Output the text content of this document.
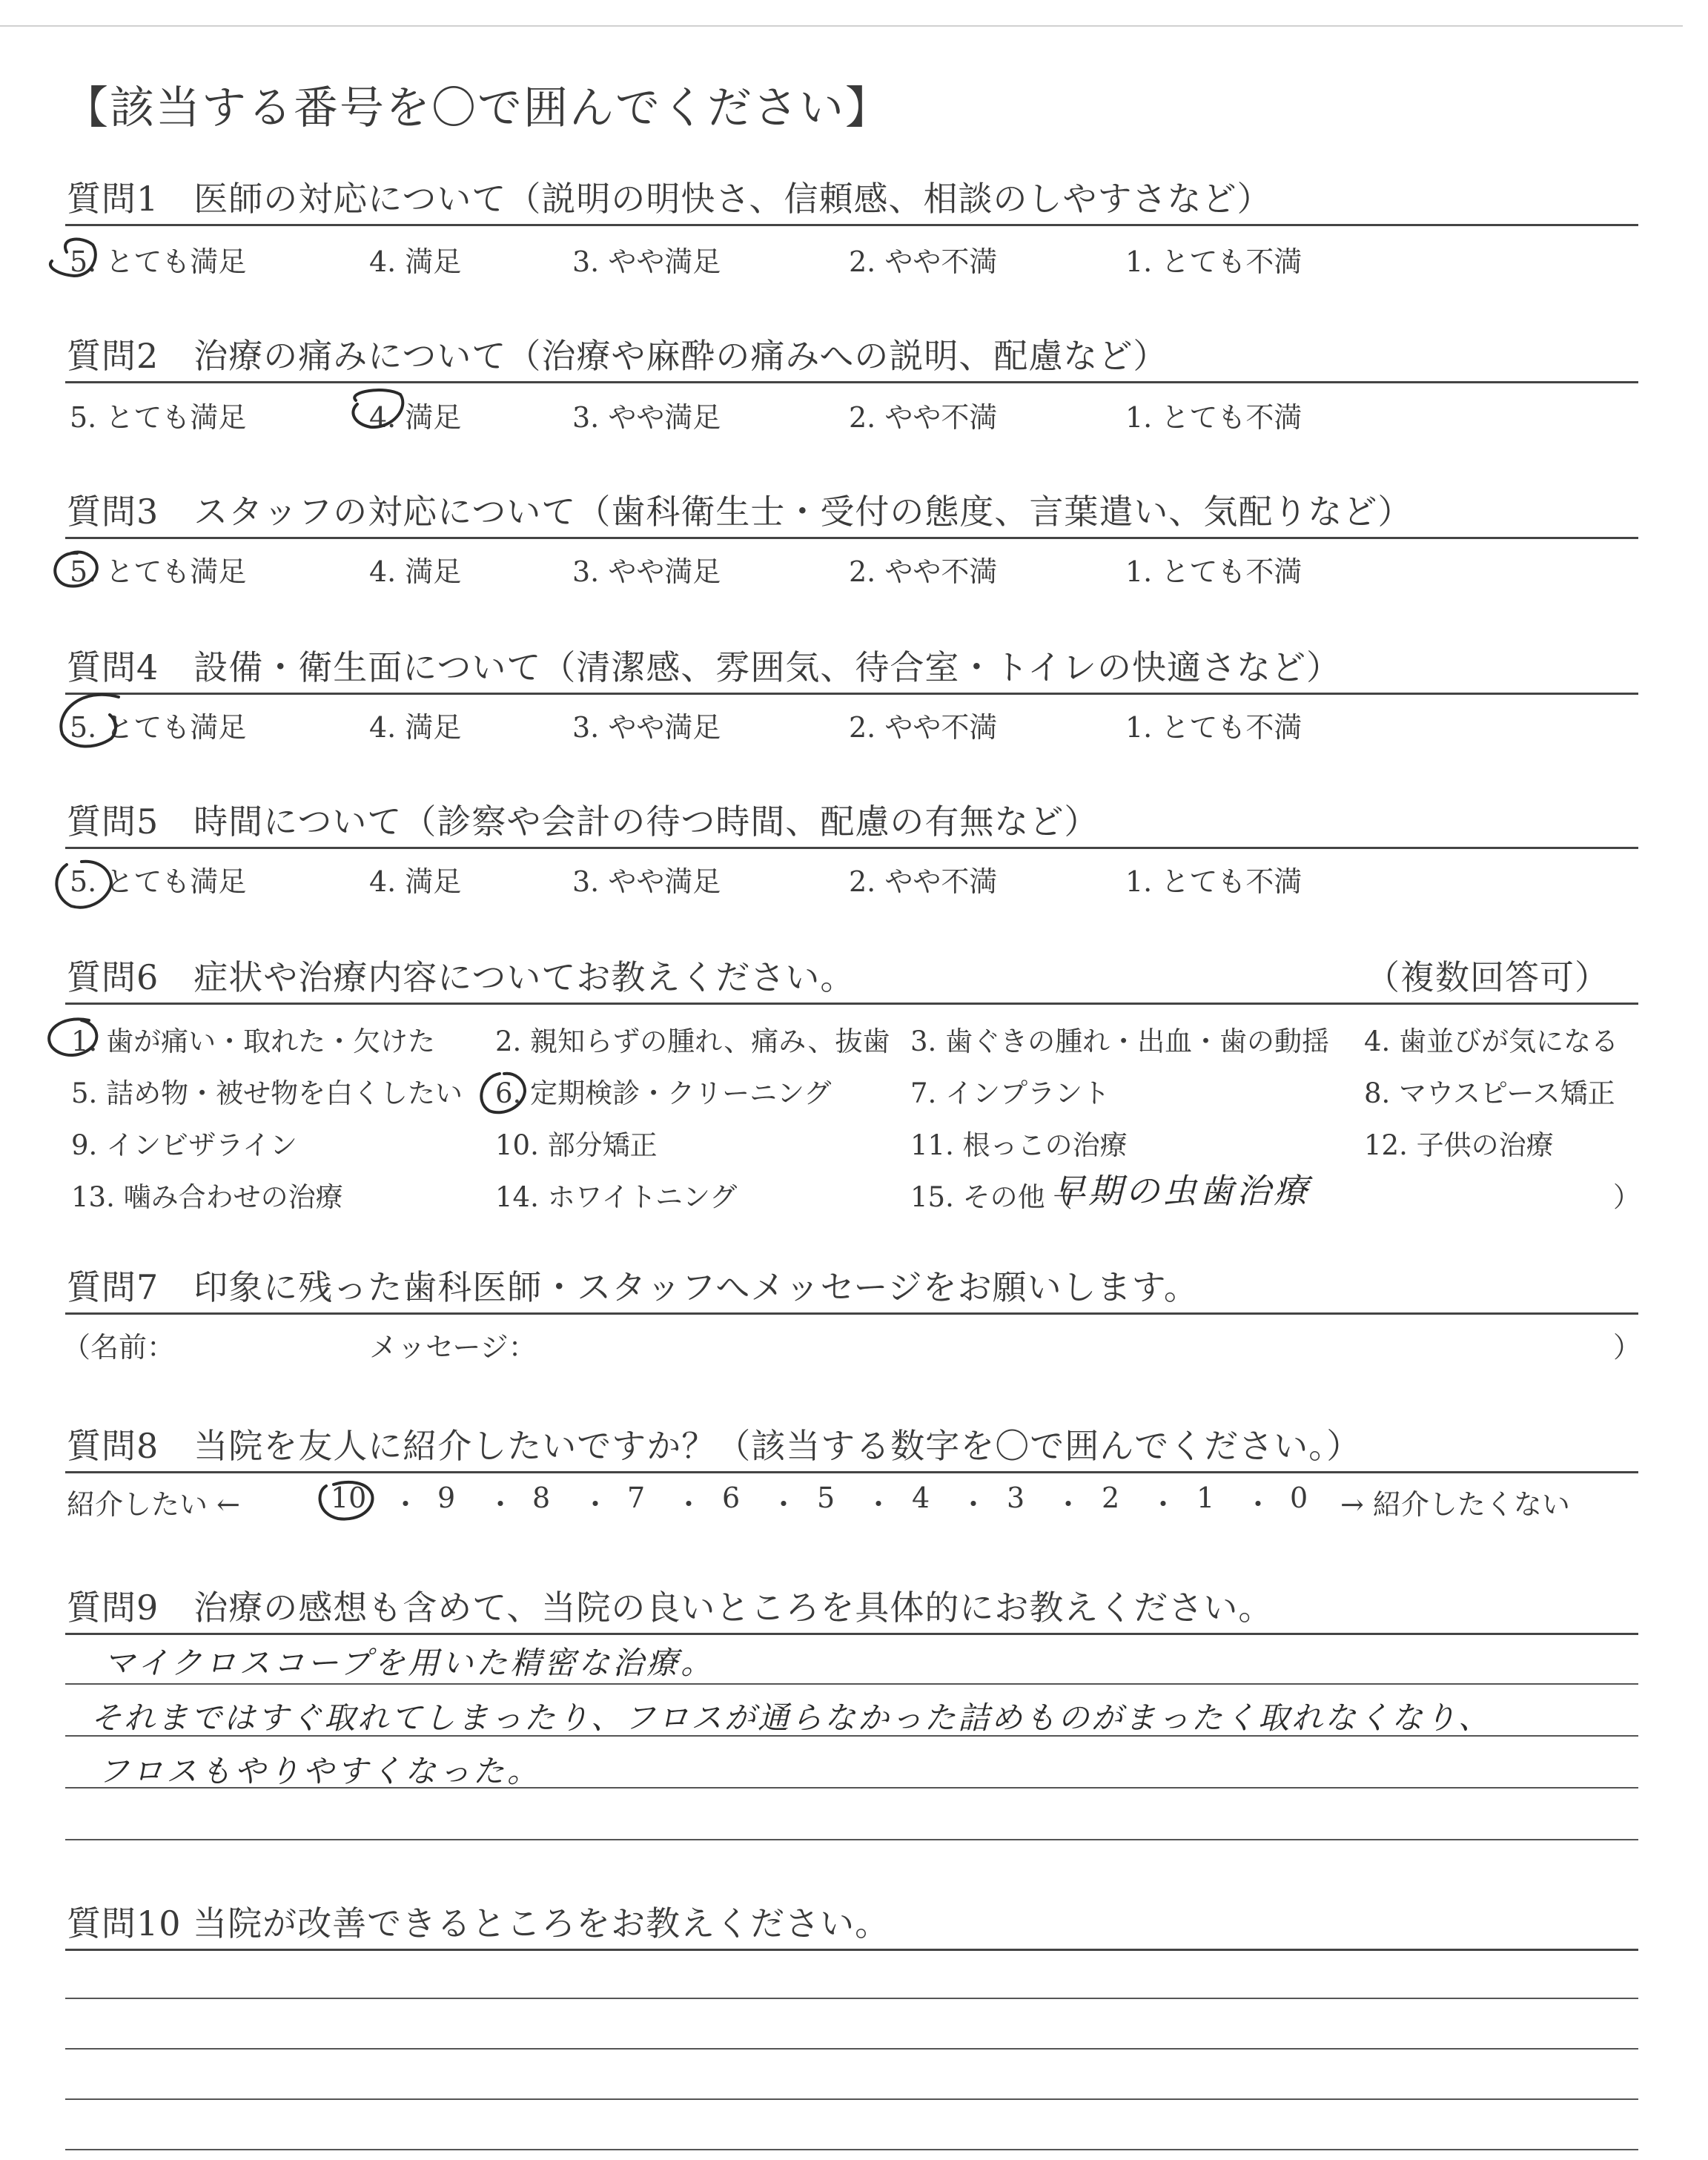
【該当する番号を〇で囲んでください】
質問1　医師の対応について（説明の明快さ、信頼感、相談のしやすさなど）
5. とても満足	4. 満足	3. やや満足	2. やや不満	1. とても不満
質問2　治療の痛みについて（治療や麻酔の痛みへの説明、配慮など）
5. とても満足	4. 満足	3. やや満足	2. やや不満	1. とても不満
質問3　スタッフの対応について（歯科衛生士・受付の態度、言葉遣い、気配りなど）
5. とても満足	4. 満足	3. やや満足	2. やや不満	1. とても不満
質問4　設備・衛生面について（清潔感、雰囲気、待合室・トイレの快適さなど）
5. とても満足	4. 満足	3. やや満足	2. やや不満	1. とても不満
質問5　時間について（診察や会計の待つ時間、配慮の有無など）
5. とても満足	4. 満足	3. やや満足	2. やや不満	1. とても不満
質問6　症状や治療内容についてお教えください。	（複数回答可）
1. 歯が痛い・取れた・欠けた 2. 親知らずの腫れ、痛み、抜歯 3. 歯ぐきの腫れ・出血・歯の動揺 4. 歯並びが気になる
5. 詰め物・被せ物を白くしたい 6. 定期検診・クリーニング	7. インプラント	8. マウスピース矯正
9. インビザライン	10. 部分矯正	11. 根っこの治療	12. 子供の治療
13. 噛み合わせの治療	14. ホワイトニング	15. その他（
早期の虫歯治療	）
質問7　印象に残った歯科医師・スタッフへメッセージをお願いします。
（名前：	メッセージ：	）
質問8　当院を友人に紹介したいですか？（該当する数字を〇で囲んでください。）
紹介したい ←	→ 紹介したくない
10 ・ 9 ・ 8 ・ 7 ・ 6 ・ 5 ・ 4 ・ 3 ・ 2 ・ 1 ・ 0
質問9　治療の感想も含めて、当院の良いところを具体的にお教えください。
マイクロスコープを用いた精密な治療。
それまではすぐ取れてしまったり、フロスが通らなかった詰めものがまったく取れなくなり、
フロスもやりやすくなった。
質問10 当院が改善できるところをお教えください。
